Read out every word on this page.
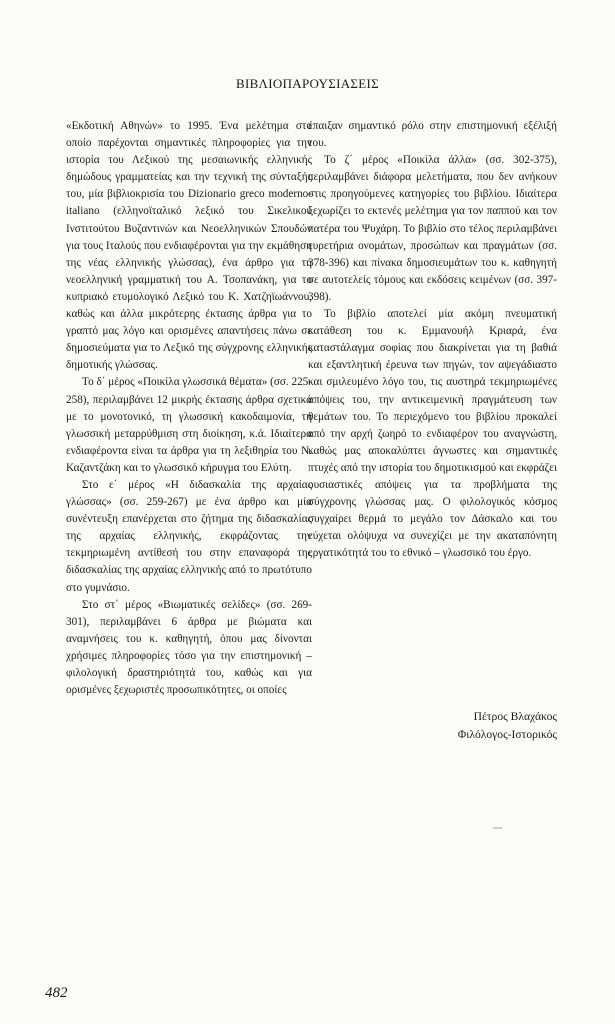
ΒΙΒΛΙΟΠΑΡΟΥΣΙΑΣΕΙΣ

«Εκδοτική Αθηνών» το 1995. Ένα μελέτημα στο οποίο παρέχονται σημαντικές πληροφορίες για την ιστορία του Λεξικού της μεσαιωνικής ελληνικής δημώδους γραμματείας και την τεχνική της σύνταξής του, μία βιβλιοκρισία του Dizionario greco moderno-italiano (ελληνοϊταλικό λεξικό του Σικελικού Ινστιτούτου Βυζαντινών και Νεοελληνικών Σπουδών για τους Ιταλούς που ενδιαφέρονται για την εκμάθηση της νέας ελληνικής γλώσσας), ένα άρθρο για τη νεοελληνική γραμματική του Α. Τσοπανάκη, για το κυπριακό ετυμολογικό Λεξικό του Κ. Χατζηϊωάννου, καθώς και άλλα μικρότερης έκτασης άρθρα για το γραπτό μας λόγο και ορισμένες απαντήσεις πάνω σε δημοσιεύματα για το Λεξικό της σύγχρονης ελληνικής δημοτικής γλώσσας.

Το δ΄ μέρος «Ποικίλα γλωσσικά θέματα» (σσ. 225-258), περιλαμβάνει 12 μικρής έκτασης άρθρα σχετικά με το μονοτονικό, τη γλωσσική κακοδαιμονία, τη γλωσσική μεταρρύθμιση στη διοίκηση, κ.ά. Ιδιαίτερα ενδιαφέροντα είναι τα άρθρα για τη λεξιθηρία του Ν. Καζαντζάκη και το γλωσσικό κήρυγμα του Ελύτη.

Στο ε΄ μέρος «Η διδασκαλία της αρχαίας γλώσσας» (σσ. 259-267) με ένα άρθρο και μία συνέντευξη επανέρχεται στο ζήτημα της διδασκαλίας της αρχαίας ελληνικής, εκφράζοντας την τεκμηριωμένη αντίθεσή του στην επαναφορά της διδασκαλίας της αρχαίας ελληνικής από το πρωτότυπο στο γυμνάσιο.

Στο στ΄ μέρος «Βιωματικές σελίδες» (σσ. 269-301), περιλαμβάνει 6 άρθρα με βιώματα και αναμνήσεις του κ. καθηγητή, όπου μας δίνονται χρήσιμες πληροφορίες τόσο για την επιστημονική – φιλολογική δραστηριότητά του, καθώς και για ορισμένες ξεχωριστές προσωπικότητες, οι οποίες

έπαιξαν σημαντικό ρόλο στην επιστημονική εξέλιξή του.

Το ζ΄ μέρος «Ποικίλα άλλα» (σσ. 302-375), περιλαμβάνει διάφορα μελετήματα, που δεν ανήκουν στις προηγούμενες κατηγορίες του βιβλίου. Ιδιαίτερα ξεχωρίζει το εκτενές μελέτημα για τον παππού και τον πατέρα του Ψυχάρη. Το βιβλίο στο τέλος περιλαμβάνει ευρετήρια ονομάτων, προσώπων και πραγμάτων (σσ. 378-396) και πίνακα δημοσιευμάτων του κ. καθηγητή σε αυτοτελείς τόμους και εκδόσεις κειμένων (σσ. 397-398).

Το βιβλίο αποτελεί μία ακόμη πνευματική κατάθεση του κ. Εμμανουήλ Κριαρά, ένα καταστάλαγμα σοφίας που διακρίνεται για τη βαθιά και εξαντλητική έρευνα των πηγών, τον αψεγάδιαστο και σμιλευμένο λόγο του, τις αυστηρά τεκμηριωμένες απόψεις του, την αντικειμενική πραγμάτευση των θεμάτων του. Το περιεχόμενο του βιβλίου προκαλεί από την αρχή ζωηρό το ενδιαφέρον του αναγνώστη, καθώς μας αποκαλύπτει άγνωστες και σημαντικές πτυχές από την ιστορία του δημοτικισμού και εκφράζει ουσιαστικές απόψεις για τα προβλήματα της σύγχρονης γλώσσας μας. Ο φιλολογικός κόσμος συγχαίρει θερμά το μεγάλο τον Δάσκαλο και του εύχεται ολόψυχα να συνεχίζει με την ακαταπόνητη εργατικότητά του το εθνικό – γλωσσικό του έργο.

Πέτρος Βλαχάκος
Φιλόλογος-Ιστορικός
482
